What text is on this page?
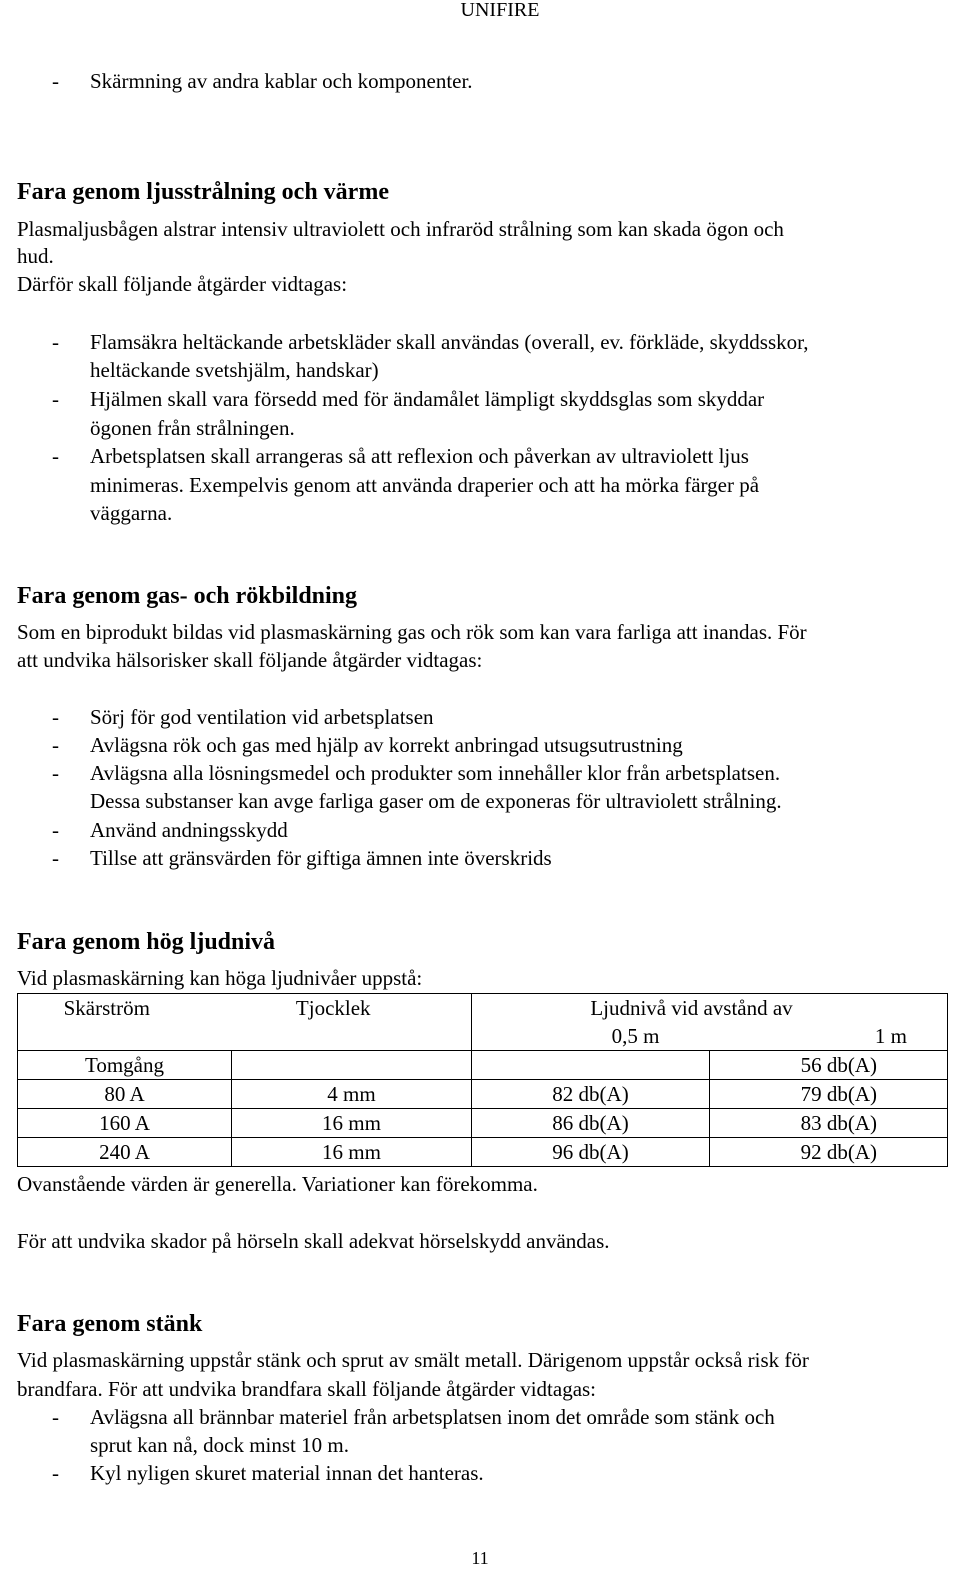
UNIFIRE
- Skärmning av andra kablar och komponenter.
Fara genom ljusstrålning och värme
Plasmaljusbågen alstrar intensiv ultraviolett och infraröd strålning som kan skada ögon och
hud.
Därför skall följande åtgärder vidtagas:
- Flamsäkra heltäckande arbetskläder skall användas (overall, ev. förkläde, skyddsskor,
heltäckande svetshjälm, handskar)
- Hjälmen skall vara försedd med för ändamålet lämpligt skyddsglas som skyddar
ögonen från strålningen.
- Arbetsplatsen skall arrangeras så att reflexion och påverkan av ultraviolett ljus
minimeras. Exempelvis genom att använda draperier och att ha mörka färger på
väggarna.
Fara genom gas- och rökbildning
Som en biprodukt bildas vid plasmaskärning gas och rök som kan vara farliga att inandas. För
att undvika hälsorisker skall följande åtgärder vidtagas:
- Sörj för god ventilation vid arbetsplatsen
- Avlägsna rök och gas med hjälp av korrekt anbringad utsugsutrustning
- Avlägsna alla lösningsmedel och produkter som innehåller klor från arbetsplatsen.
Dessa substanser kan avge farliga gaser om de exponeras för ultraviolett strålning.
- Använd andningsskydd
- Tillse att gränsvärden för giftiga ämnen inte överskrids
Fara genom hög ljudnivå
Vid plasmaskärning kan höga ljudnivåer uppstå:
Skärström	Tjocklek	Ljudnivå vid avstånd av	
		0,5 m	1 m
Tomgång			56 db(A)
80 A	4 mm	82 db(A)	79 db(A)
160 A	16 mm	86 db(A)	83 db(A)
240 A	16 mm	96 db(A)	92 db(A)
Ovanstående värden är generella. Variationer kan förekomma.
För att undvika skador på hörseln skall adekvat hörselskydd användas.
Fara genom stänk
Vid plasmaskärning uppstår stänk och sprut av smält metall. Därigenom uppstår också risk för
brandfara. För att undvika brandfara skall följande åtgärder vidtagas:
- Avlägsna all brännbar materiel från arbetsplatsen inom det område som stänk och
sprut kan nå, dock minst 10 m.
- Kyl nyligen skuret material innan det hanteras.
11
